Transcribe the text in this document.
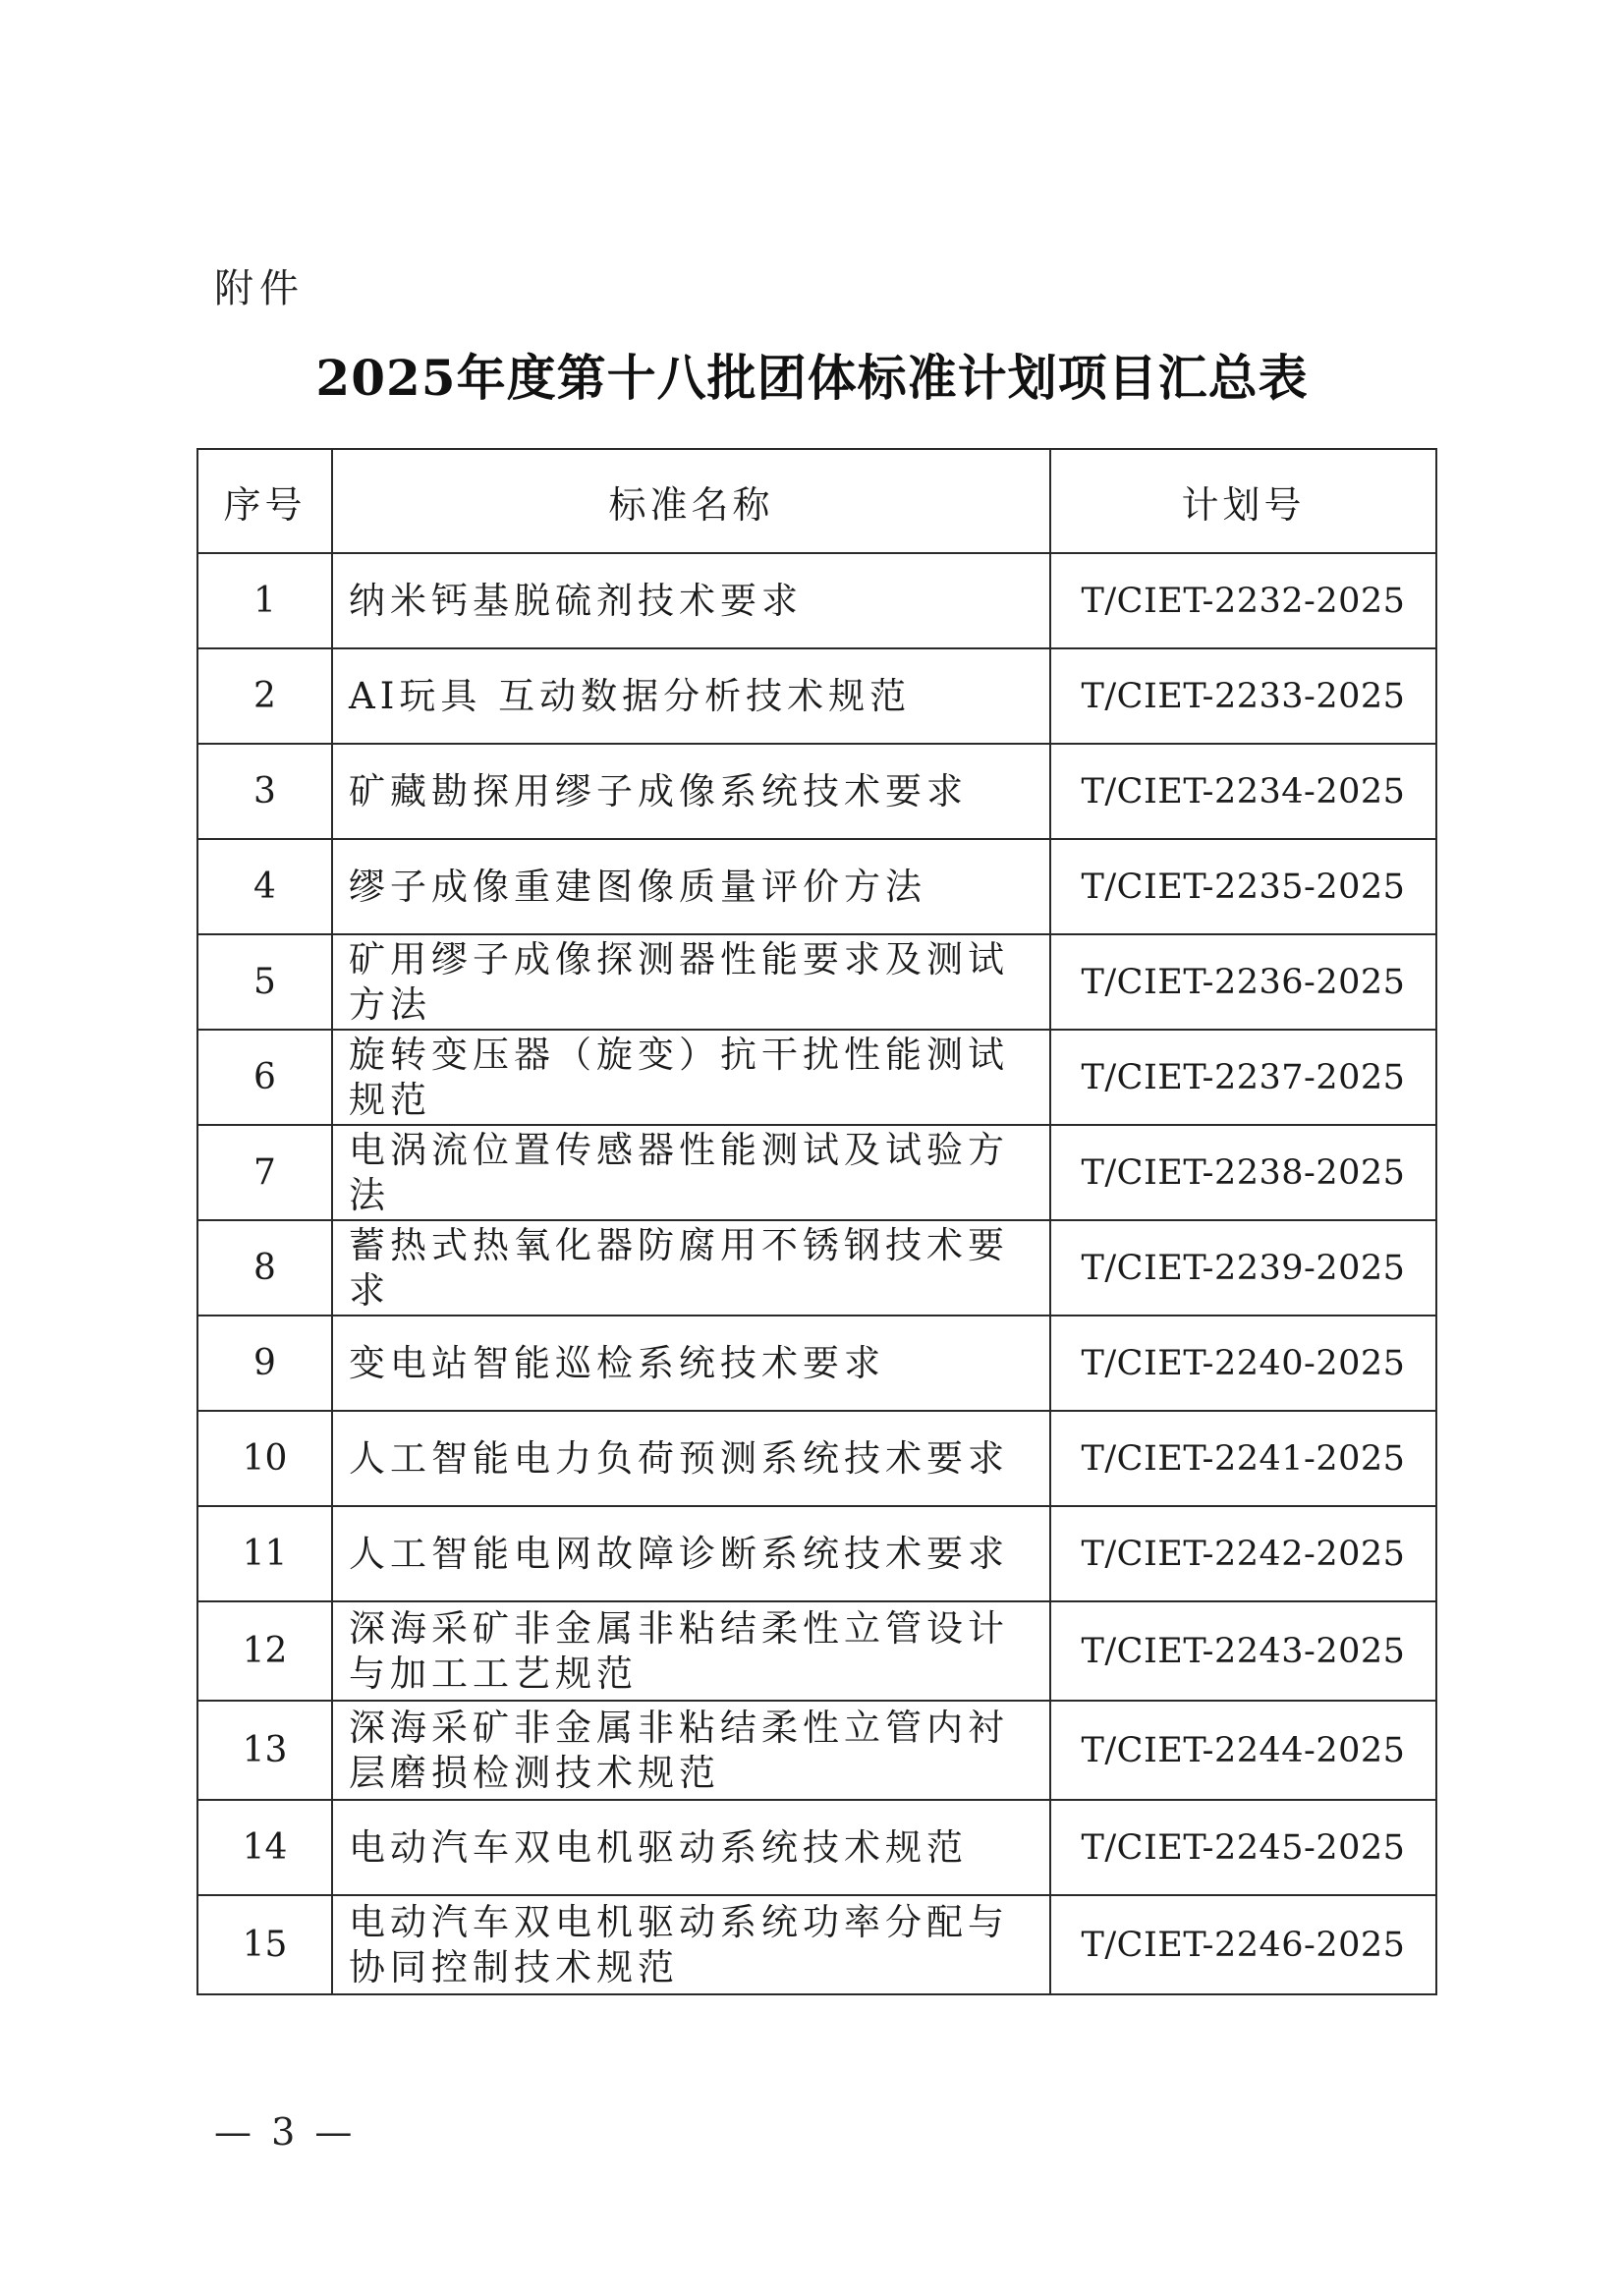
附件
2025年度第十八批团体标准计划项目汇总表
序号	标准名称	计划号
1	纳米钙基脱硫剂技术要求	T/CIET-2232-2025
2	AI玩具 互动数据分析技术规范	T/CIET-2233-2025
3	矿藏勘探用缪子成像系统技术要求	T/CIET-2234-2025
4	缪子成像重建图像质量评价方法	T/CIET-2235-2025
5	矿用缪子成像探测器性能要求及测试方法	T/CIET-2236-2025
6	旋转变压器（旋变）抗干扰性能测试规范	T/CIET-2237-2025
7	电涡流位置传感器性能测试及试验方法	T/CIET-2238-2025
8	蓄热式热氧化器防腐用不锈钢技术要求	T/CIET-2239-2025
9	变电站智能巡检系统技术要求	T/CIET-2240-2025
10	人工智能电力负荷预测系统技术要求	T/CIET-2241-2025
11	人工智能电网故障诊断系统技术要求	T/CIET-2242-2025
12	深海采矿非金属非粘结柔性立管设计与加工工艺规范	T/CIET-2243-2025
13	深海采矿非金属非粘结柔性立管内衬层磨损检测技术规范	T/CIET-2244-2025
14	电动汽车双电机驱动系统技术规范	T/CIET-2245-2025
15	电动汽车双电机驱动系统功率分配与协同控制技术规范	T/CIET-2246-2025
— 3 —
